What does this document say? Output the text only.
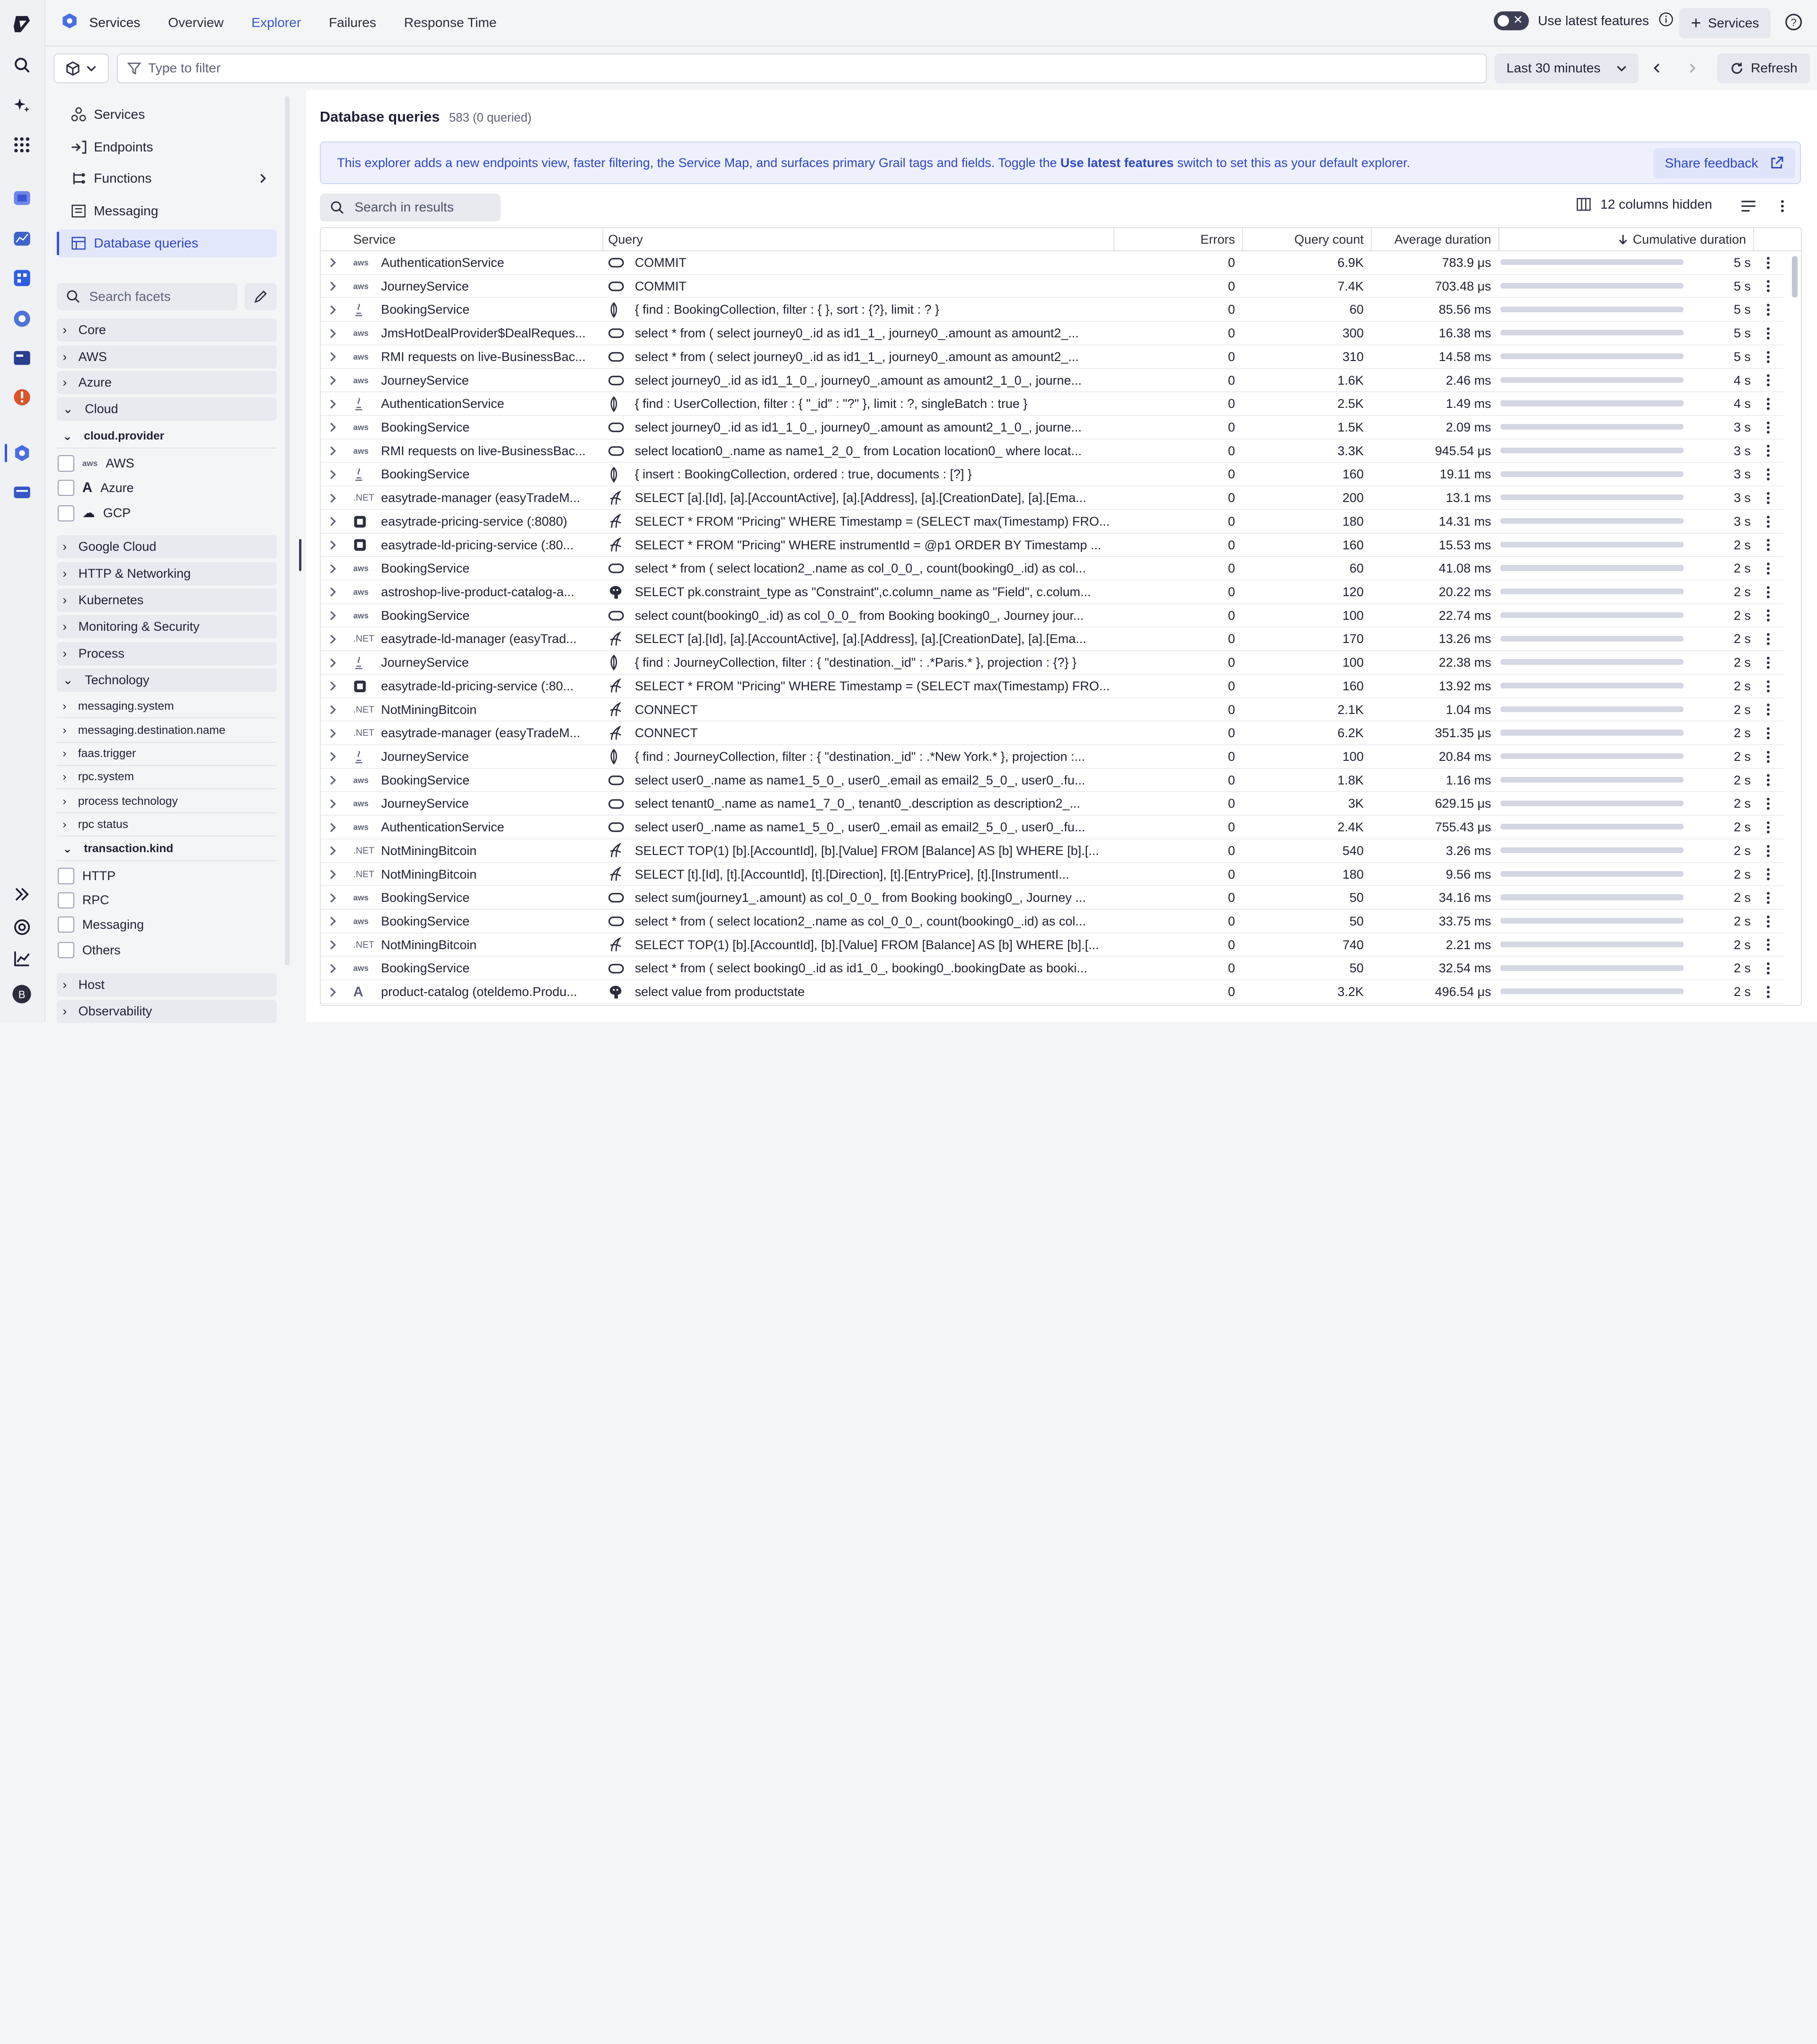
B
Services	Overview	Explorer	Failures	Response Time	✕	Use latest features	+ Services	?
Type to filter	Last 30 minutes	Refresh
Services
Endpoints
Functions
Messaging
Database queries
Search facets
› Core
› AWS
› Azure
⌄ Cloud
⌄ cloud.provider
aws AWS
A Azure
☁ GCP
› Google Cloud
› HTTP & Networking
› Kubernetes
› Monitoring & Security
› Process
⌄ Technology
› messaging.system
› messaging.destination.name
› faas.trigger
› rpc.system
› process technology
› rpc status
⌄ transaction.kind
HTTP
RPC
Messaging
Others
› Host
› Observability
Database queries 583 (0 queried)
This explorer adds a new endpoints view, faster filtering, the Service Map, and surfaces primary Grail tags and fields. Toggle the Use latest features switch to set this as your default explorer.	Share feedback
Search in results	12 columns hidden
Service	Query	Errors	Query count	Average duration	Cumulative duration
aws AuthenticationService	COMMIT	0	6.9K	783.9 μs	5 s
aws JourneyService	COMMIT	0	7.4K	703.48 μs	5 s
BookingService	{ find : BookingCollection, filter : { }, sort : {?}, limit : ? }	0	60	85.56 ms	5 s
aws JmsHotDealProvider$DealReques...	select * from ( select journey0_.id as id1_1_, journey0_.amount as amount2_...	0	300	16.38 ms	5 s
aws RMI requests on live-BusinessBac...	select * from ( select journey0_.id as id1_1_, journey0_.amount as amount2_...	0	310	14.58 ms	5 s
aws JourneyService	select journey0_.id as id1_1_0_, journey0_.amount as amount2_1_0_, journe...	0	1.6K	2.46 ms	4 s
AuthenticationService	{ find : UserCollection, filter : { "_id" : "?" }, limit : ?, singleBatch : true }	0	2.5K	1.49 ms	4 s
aws BookingService	select journey0_.id as id1_1_0_, journey0_.amount as amount2_1_0_, journe...	0	1.5K	2.09 ms	3 s
aws RMI requests on live-BusinessBac...	select location0_.name as name1_2_0_ from Location location0_ where locat...	0	3.3K	945.54 μs	3 s
BookingService	{ insert : BookingCollection, ordered : true, documents : [?] }	0	160	19.11 ms	3 s
.NET easytrade-manager (easyTradeM...	SELECT [a].[Id], [a].[AccountActive], [a].[Address], [a].[CreationDate], [a].[Ema...	0	200	13.1 ms	3 s
easytrade-pricing-service (:8080)	SELECT * FROM "Pricing" WHERE Timestamp = (SELECT max(Timestamp) FRO...	0	180	14.31 ms	3 s
easytrade-ld-pricing-service (:80...	SELECT * FROM "Pricing" WHERE instrumentId = @p1 ORDER BY Timestamp ...	0	160	15.53 ms	2 s
aws BookingService	select * from ( select location2_.name as col_0_0_, count(booking0_.id) as col...	0	60	41.08 ms	2 s
aws astroshop-live-product-catalog-a...	SELECT pk.constraint_type as "Constraint",c.column_name as "Field", c.colum...	0	120	20.22 ms	2 s
aws BookingService	select count(booking0_.id) as col_0_0_ from Booking booking0_, Journey jour...	0	100	22.74 ms	2 s
.NET easytrade-ld-manager (easyTrad...	SELECT [a].[Id], [a].[AccountActive], [a].[Address], [a].[CreationDate], [a].[Ema...	0	170	13.26 ms	2 s
JourneyService	{ find : JourneyCollection, filter : { "destination._id" : .*Paris.* }, projection : {?} }	0	100	22.38 ms	2 s
easytrade-ld-pricing-service (:80...	SELECT * FROM "Pricing" WHERE Timestamp = (SELECT max(Timestamp) FRO...	0	160	13.92 ms	2 s
.NET NotMiningBitcoin	CONNECT	0	2.1K	1.04 ms	2 s
.NET easytrade-manager (easyTradeM...	CONNECT	0	6.2K	351.35 μs	2 s
JourneyService	{ find : JourneyCollection, filter : { "destination._id" : .*New York.* }, projection :...	0	100	20.84 ms	2 s
aws BookingService	select user0_.name as name1_5_0_, user0_.email as email2_5_0_, user0_.fu...	0	1.8K	1.16 ms	2 s
aws JourneyService	select tenant0_.name as name1_7_0_, tenant0_.description as description2_...	0	3K	629.15 μs	2 s
aws AuthenticationService	select user0_.name as name1_5_0_, user0_.email as email2_5_0_, user0_.fu...	0	2.4K	755.43 μs	2 s
.NET NotMiningBitcoin	SELECT TOP(1) [b].[AccountId], [b].[Value] FROM [Balance] AS [b] WHERE [b].[...	0	540	3.26 ms	2 s
.NET NotMiningBitcoin	SELECT [t].[Id], [t].[AccountId], [t].[Direction], [t].[EntryPrice], [t].[InstrumentI...	0	180	9.56 ms	2 s
aws BookingService	select sum(journey1_.amount) as col_0_0_ from Booking booking0_, Journey ...	0	50	34.16 ms	2 s
aws BookingService	select * from ( select location2_.name as col_0_0_, count(booking0_.id) as col...	0	50	33.75 ms	2 s
.NET NotMiningBitcoin	SELECT TOP(1) [b].[AccountId], [b].[Value] FROM [Balance] AS [b] WHERE [b].[...	0	740	2.21 ms	2 s
aws BookingService	select * from ( select booking0_.id as id1_0_, booking0_.bookingDate as booki...	0	50	32.54 ms	2 s
A	product-catalog (oteldemo.Produ...	select value from productstate	0	3.2K	496.54 μs	2 s
